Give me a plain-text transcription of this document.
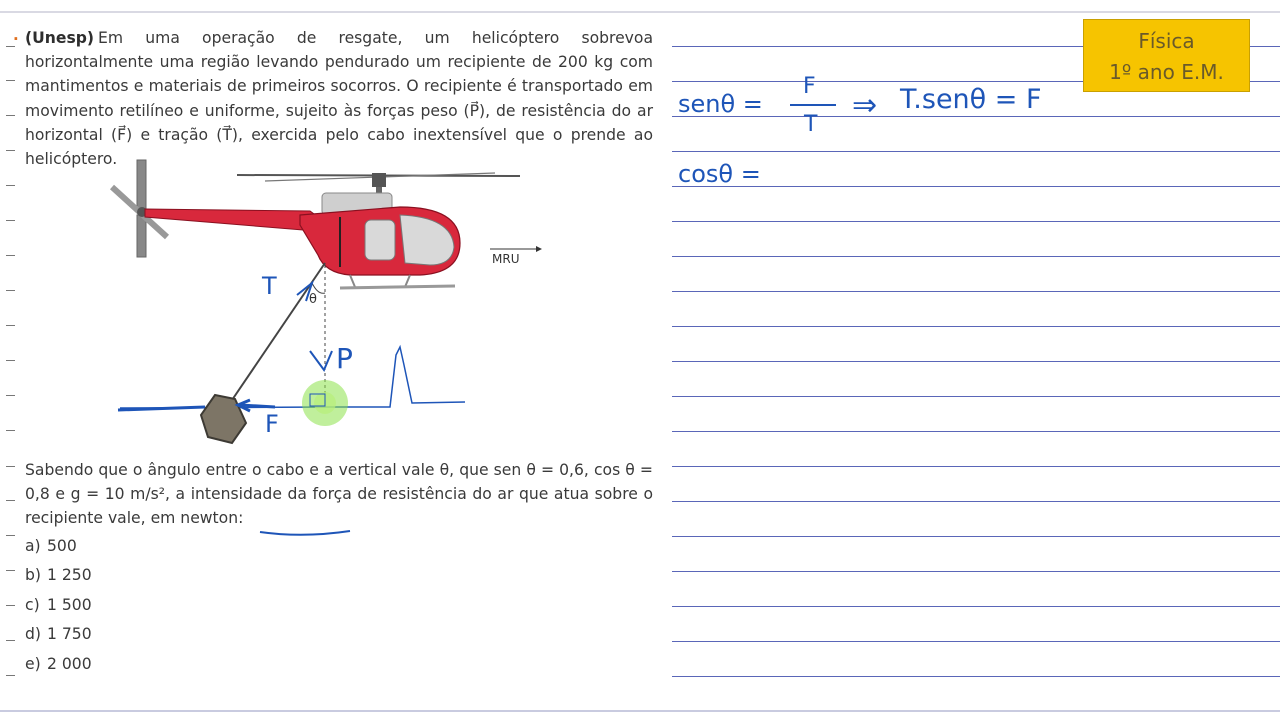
. (Unesp) Em uma operação de resgate, um helicóptero sobrevoa horizontalmente uma região levando pendurado um recipiente de 200 kg com mantimentos e materiais de primeiros socorros. O recipiente é transportado em movimento retilíneo e uniforme, sujeito às forças peso (P⃗), de resistência do ar horizontal (F⃗) e tração (T⃗), exercida pelo cabo inextensível que o prende ao helicóptero.
Física
1º ano E.M.
MRU
θ
T
P
F
Sabendo que o ângulo entre o cabo e a vertical vale θ, que sen θ = 0,6, cos θ = 0,8 e g = 10 m/s², a intensidade da força de resistência do ar que atua sobre o recipiente vale, em newton:
a) 500
b) 1 250
c) 1 500
d) 1 750
e) 2 000
senθ =
F
T
⇒ T.senθ = F
cosθ =
